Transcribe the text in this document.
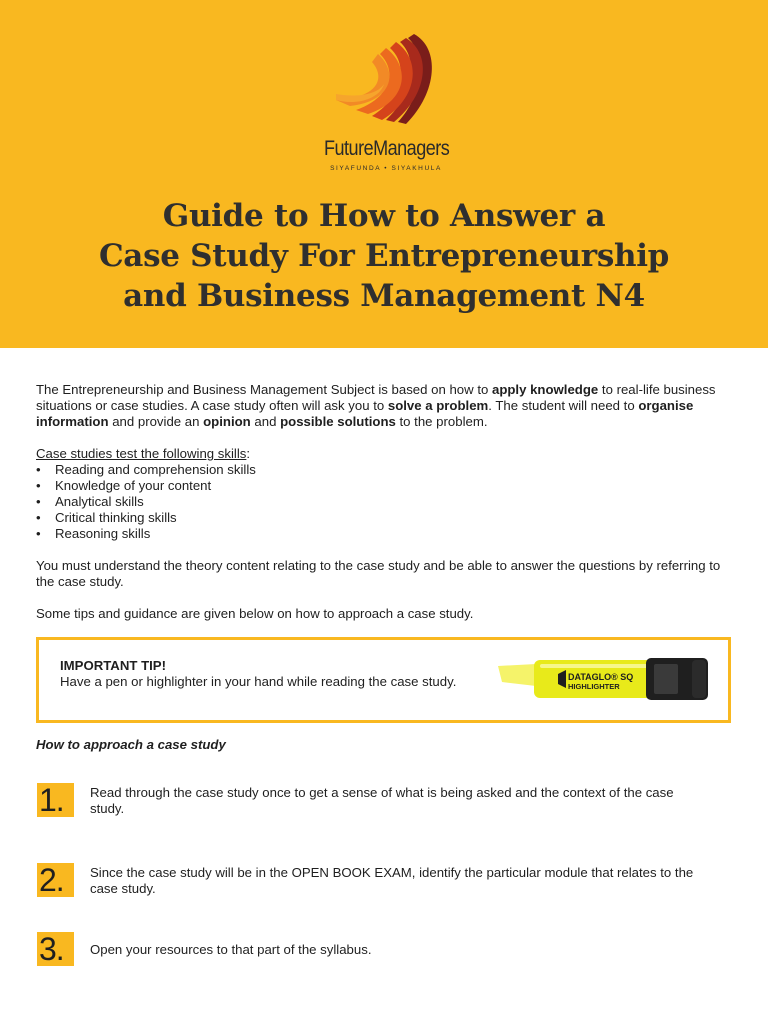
FutureManagers
SIYAFUNDA • SIYAKHULA
Guide to How to Answer a
Case Study For Entrepreneurship
and Business Management N4

The Entrepreneurship and Business Management Subject is based on how to apply knowledge to real-life business situations or case studies. A case study often will ask you to solve a problem. The student will need to organise information and provide an opinion and possible solutions to the problem.

Case studies test the following skills:
• Reading and comprehension skills
• Knowledge of your content
• Analytical skills
• Critical thinking skills
• Reasoning skills

You must understand the theory content relating to the case study and be able to answer the questions by referring to the case study.

Some tips and guidance are given below on how to approach a case study.

IMPORTANT TIP!
Have a pen or highlighter in your hand while reading the case study.	DATAGLO® SQ
HIGHLIGHTER
How to approach a case study
1.	Read through the case study once to get a sense of what is being asked and the context of the case study.
2.	Since the case study will be in the OPEN BOOK EXAM, identify the particular module that relates to the case study.
3.	Open your resources to that part of the syllabus.
